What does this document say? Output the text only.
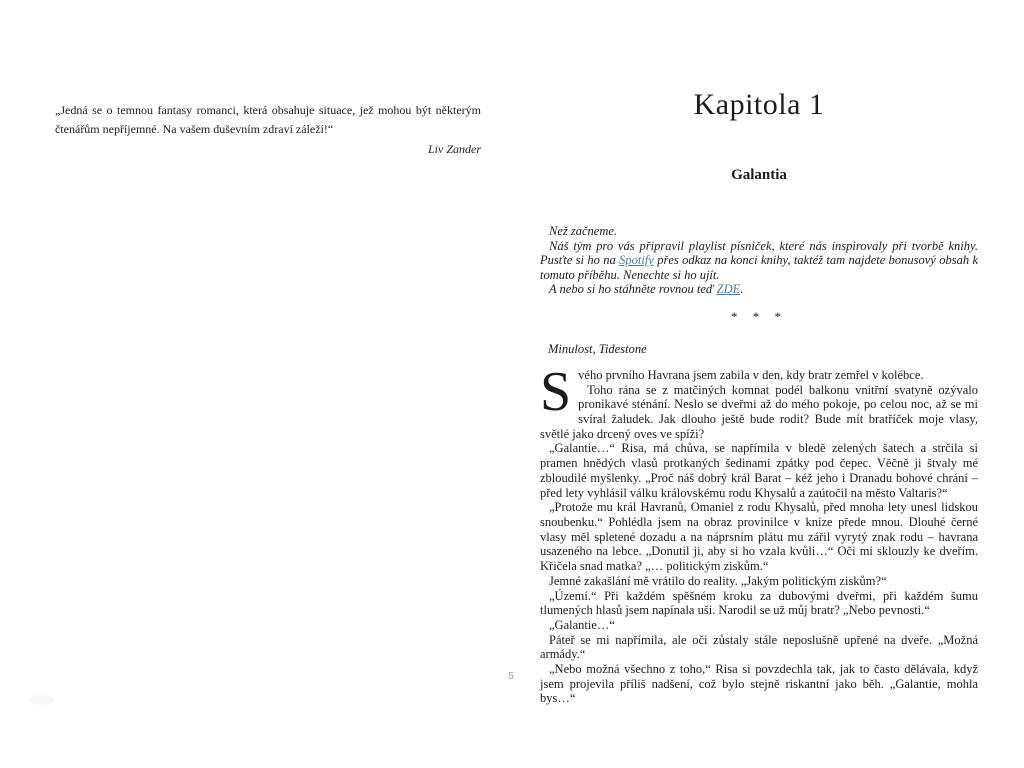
„Jedná se o temnou fantasy romanci, která obsahuje situace, jež mohou být některým čtenářům nepříjemné. Na vašem duševním zdraví záleží!“
Liv Zander
Kapitola 1
Galantia

Než začneme.

Náš tým pro vás připravil playlist písniček, které nás inspirovaly při tvorbě knihy. Pusťte si ho na Spotify přes odkaz na konci knihy, taktéž tam najdete bonusový obsah k tomuto příběhu. Nenechte si ho ujít.

A nebo si ho stáhněte rovnou teď ZDE.

* * *
Minulost, Tidestone
S vého prvního Havrana jsem zabila v den, kdy bratr zemřel v kolébce.

Toho rána se z matčiných komnat podél balkonu vnitřní svatyně ozývalo pronikavé sténání. Neslo se dveřmi až do mého pokoje, po celou noc, až se mi svíral žaludek. Jak dlouho ještě bude rodit? Bude mít bratříček moje vlasy, světlé jako drcený oves ve spíži?

„Galantie…“ Risa, má chůva, se napřímila v bledě zelených šatech a strčila si pramen hnědých vlasů protkaných šedinami zpátky pod čepec. Věčně ji štvaly mé zbloudilé myšlenky. „Proč náš dobrý král Barat – kéž jeho i Dranadu bohové chrání – před lety vyhlásil válku královskému rodu Khysalů a zaútočil na město Valtaris?“

„Protože mu král Havranů, Omaniel z rodu Khysalů, před mnoha lety unesl lidskou snoubenku.“ Pohlédla jsem na obraz provinilce v knize přede mnou. Dlouhé černé vlasy měl spletené dozadu a na náprsním plátu mu zářil vyrytý znak rodu – havrana usazeného na lebce. „Donutil ji, aby si ho vzala kvůli…“ Oči mi sklouzly ke dveřím. Křičela snad matka? „… politickým ziskům.“

Jemné zakašlání mě vrátilo do reality. „Jakým politickým ziskům?“

„Území.“ Při každém spěšném kroku za dubovými dveřmi, při každém šumu tlumených hlasů jsem napínala uši. Narodil se už můj bratr? „Nebo pevnosti.“

„Galantie…“

Páteř se mi napřímila, ale oči zůstaly stále neposlušně upřené na dveře. „Možná armády.“

„Nebo možná všechno z toho,“ Risa si povzdechla tak, jak to často dělávala, když jsem projevila příliš nadšení, což bylo stejně riskantní jako běh. „Galantie, mohla bys…“

5
